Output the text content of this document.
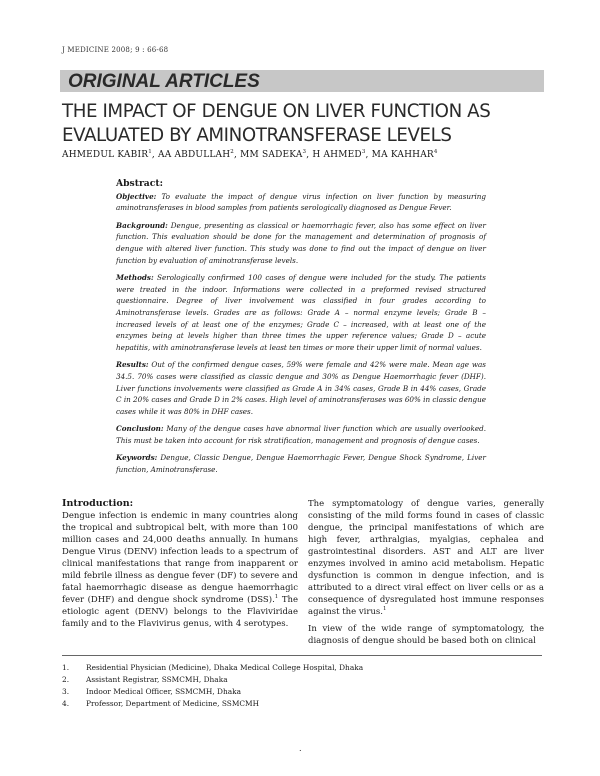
J MEDICINE 2008; 9 : 66-68
ORIGINAL ARTICLES
THE IMPACT OF DENGUE ON LIVER FUNCTION AS EVALUATED BY AMINOTRANSFERASE LEVELS
AHMEDUL KABIR$^1$, AA ABDULLAH$^2$, MM SADEKA$^3$, H AHMED$^3$, MA KAHHAR$^4$
Abstract:

Objective: To evaluate the impact of dengue virus infection on liver function by measuring aminotransferases in blood samples from patients serologically diagnosed as Dengue Fever.

Background: Dengue, presenting as classical or haemorrhagic fever, also has some effect on liver function. This evaluation should be done for the management and determination of prognosis of dengue with altered liver function. This study was done to find out the impact of dengue on liver function by evaluation of aminotransferase levels.

Methods: Serologically confirmed 100 cases of dengue were included for the study. The patients were treated in the indoor. Informations were collected in a preformed revised structured questionnaire. Degree of liver involvement was classified in four grades according to Aminotransferase levels. Grades are as follows: Grade A – normal enzyme levels; Grade B – increased levels of at least one of the enzymes; Grade C – increased, with at least one of the enzymes being at levels higher than three times the upper reference values; Grade D – acute hepatitis, with aminotransferase levels at least ten times or more their upper limit of normal values.

Results: Out of the confirmed dengue cases, 59% were female and 42% were male. Mean age was 34.5. 70% cases were classified as classic dengue and 30% as Dengue Haemorrhagic fever (DHF). Liver functions involvements were classified as Grade A in 34% cases, Grade B in 44% cases, Grade C in 20% cases and Grade D in 2% cases. High level of aminotransferases was 60% in classic dengue cases while it was 80% in DHF cases.

Conclusion: Many of the dengue cases have abnormal liver function which are usually overlooked. This must be taken into account for risk stratification, management and prognosis of dengue cases.

Keywords: Dengue, Classic Dengue, Dengue Haemorrhagic Fever, Dengue Shock Syndrome, Liver function, Aminotransferase.

Introduction:

Dengue infection is endemic in many countries along the tropical and subtropical belt, with more than 100 million cases and 24,000 deaths annually. In humans Dengue Virus (DENV) infection leads to a spectrum of clinical manifestations that range from inapparent or mild febrile illness as dengue fever (DF) to severe and fatal haemorrhagic disease as dengue haemorrhagic fever (DHF) and dengue shock syndrome (DSS).$^1$ The etiologic agent (DENV) belongs to the Flaviviridae family and to the Flavivirus genus, with 4 serotypes.

The symptomatology of dengue varies, generally consisting of the mild forms found in cases of classic dengue, the principal manifestations of which are high fever, arthralgias, myalgias, cephalea and gastrointestinal disorders. AST and ALT are liver enzymes involved in amino acid metabolism. Hepatic dysfunction is common in dengue infection, and is attributed to a direct viral effect on liver cells or as a consequence of dysregulated host immune responses against the virus.$^1$

In view of the wide range of symptomatology, the diagnosis of dengue should be based both on clinical

1.	Residential Physician (Medicine), Dhaka Medical College Hospital, Dhaka
2.	Assistant Registrar, SSMCMH, Dhaka
3.	Indoor Medical Officer, SSMCMH, Dhaka
4.	Professor, Department of Medicine, SSMCMH
.
